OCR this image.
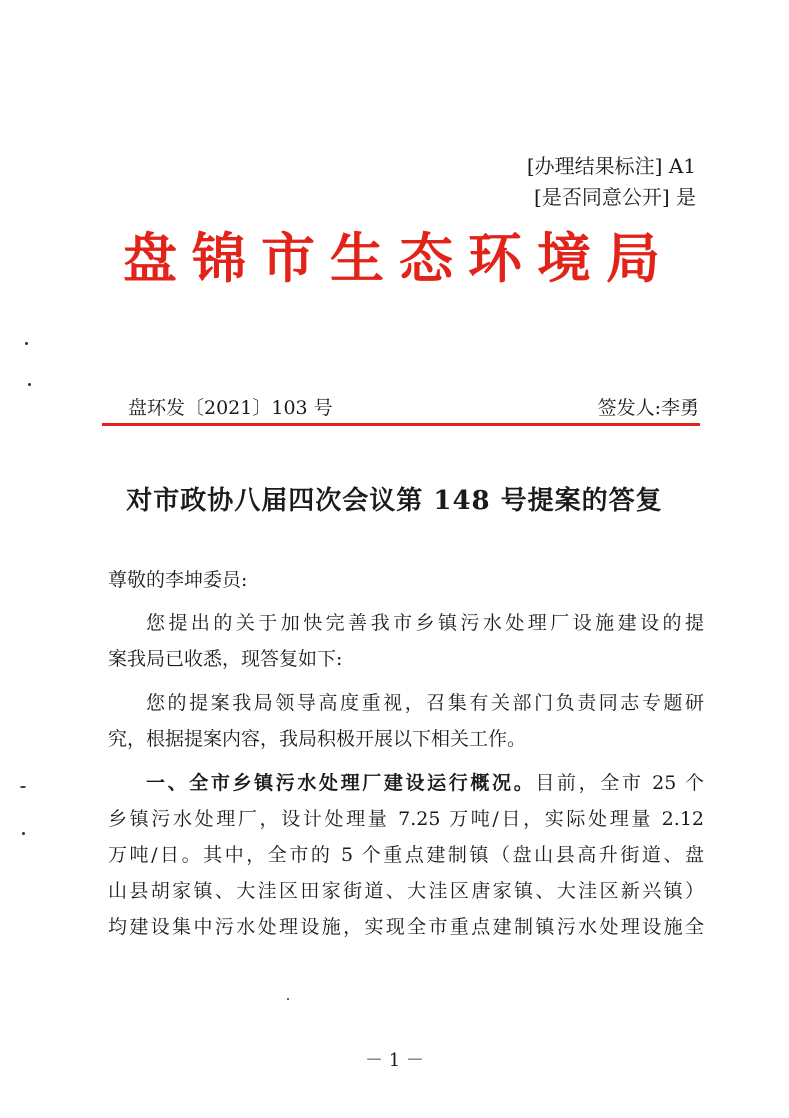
[办理结果标注] A1
[是否同意公开] 是
盘锦市生态环境局
盘环发〔2021〕103 号	签发人:李勇
对市政协八届四次会议第 148 号提案的答复
尊敬的李坤委员:
您提出的关于加快完善我市乡镇污水处理厂设施建设的提
案我局已收悉，现答复如下:
您的提案我局领导高度重视，召集有关部门负责同志专题研
究，根据提案内容，我局积极开展以下相关工作。
一、全市乡镇污水处理厂建设运行概况。目前，全市 25 个
乡镇污水处理厂，设计处理量 7.25 万吨/日，实际处理量 2.12
万吨/日。其中，全市的 5 个重点建制镇（盘山县高升街道、盘
山县胡家镇、大洼区田家街道、大洼区唐家镇、大洼区新兴镇）
均建设集中污水处理设施，实现全市重点建制镇污水处理设施全
－ 1 －
